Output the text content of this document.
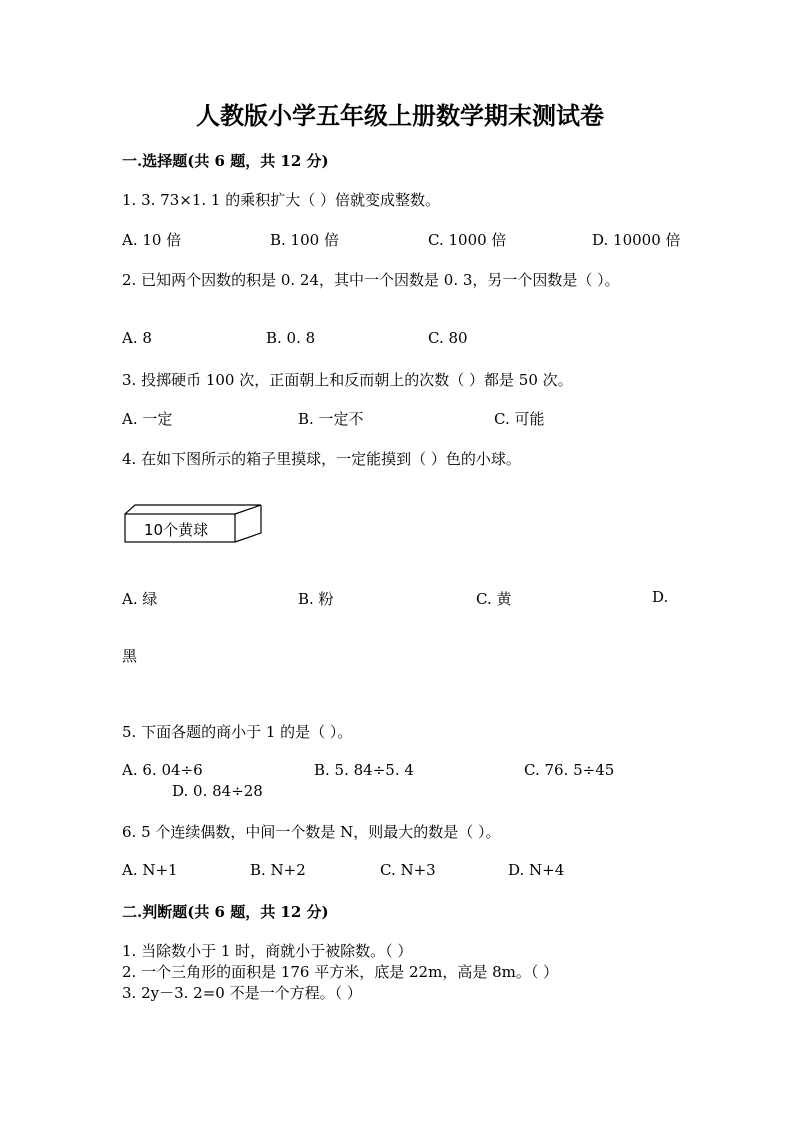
人教版小学五年级上册数学期末测试卷
一.选择题(共 6 题，共 12 分)
1. 3. 73×1. 1 的乘积扩大（ ）倍就变成整数。
A. 10 倍	B. 100 倍	C. 1000 倍	D. 10000 倍
2. 已知两个因数的积是 0. 24，其中一个因数是 0. 3，另一个因数是（ ）。
A. 8	B. 0. 8	C. 80
3. 投掷硬币 100 次，正面朝上和反而朝上的次数（ ）都是 50 次。
A. 一定	B. 一定不	C. 可能
4. 在如下图所示的箱子里摸球，一定能摸到（ ）色的小球。
10个黄球
A. 绿	B. 粉	C. 黄	D.
黑
5. 下面各题的商小于 1 的是（ ）。
A. 6. 04÷6	B. 5. 84÷5. 4	C. 76. 5÷45
D. 0. 84÷28
6. 5 个连续偶数，中间一个数是 N，则最大的数是（ ）。
A. N+1	B. N+2	C. N+3	D. N+4
二.判断题(共 6 题，共 12 分)
1. 当除数小于 1 时，商就小于被除数。（ ）
2. 一个三角形的面积是 176 平方米，底是 22m，高是 8m。（ ）
3. 2y－3. 2=0 不是一个方程。（ ）
